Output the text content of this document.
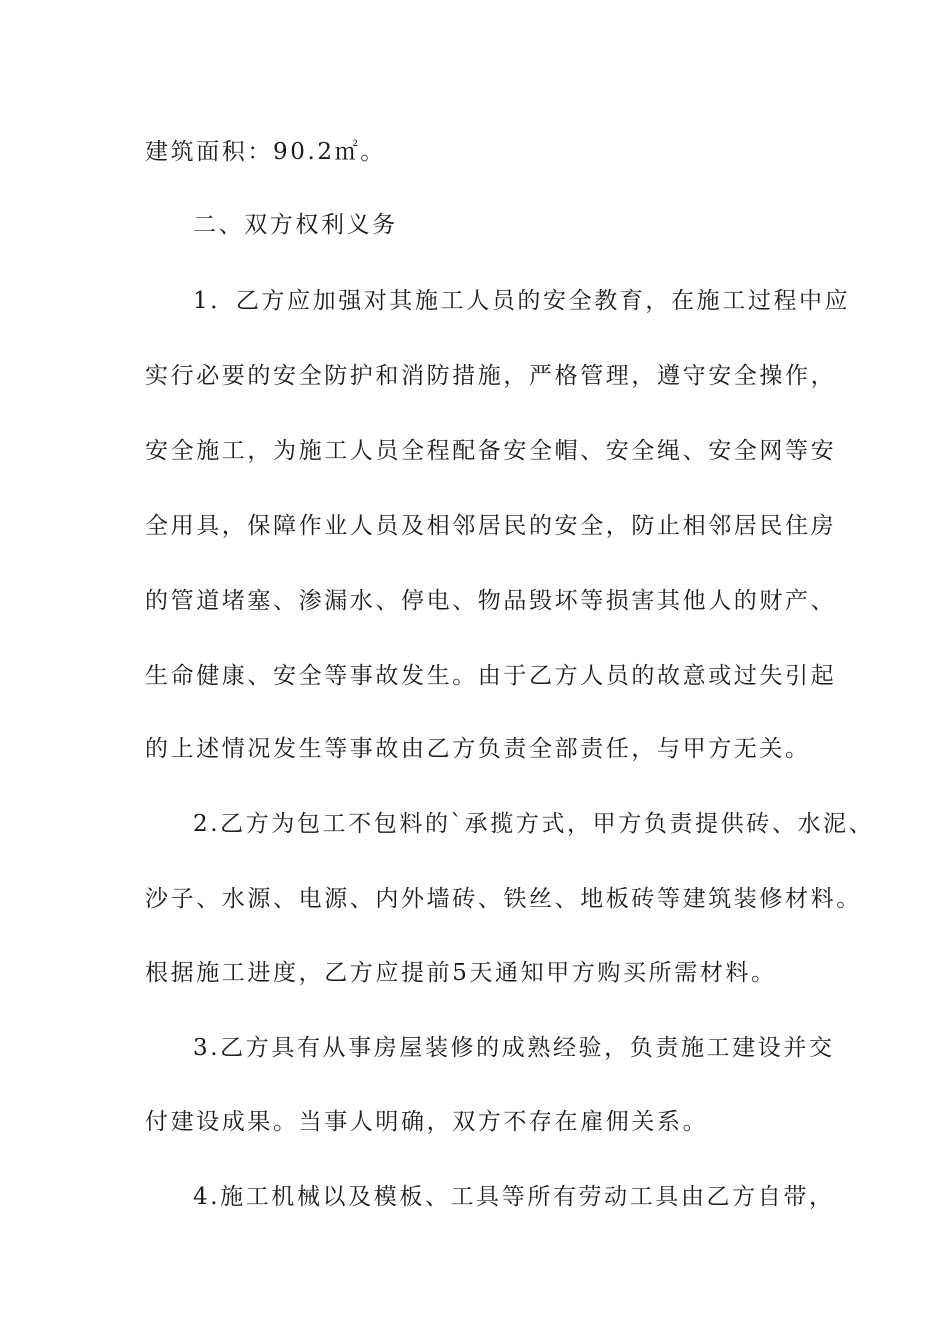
建筑面积：90.2㎡。
二、双方权利义务
1．乙方应加强对其施工人员的安全教育，在施工过程中应
实行必要的安全防护和消防措施，严格管理，遵守安全操作，
安全施工，为施工人员全程配备安全帽、安全绳、安全网等安
全用具，保障作业人员及相邻居民的安全，防止相邻居民住房
的管道堵塞、渗漏水、停电、物品毁坏等损害其他人的财产、
生命健康、安全等事故发生。由于乙方人员的故意或过失引起
的上述情况发生等事故由乙方负责全部责任，与甲方无关。
2.乙方为包工不包料的`承揽方式，甲方负责提供砖、水泥、
沙子、水源、电源、内外墙砖、铁丝、地板砖等建筑装修材料。
根据施工进度，乙方应提前5天通知甲方购买所需材料。
3.乙方具有从事房屋装修的成熟经验，负责施工建设并交
付建设成果。当事人明确，双方不存在雇佣关系。
4.施工机械以及模板、工具等所有劳动工具由乙方自带，
